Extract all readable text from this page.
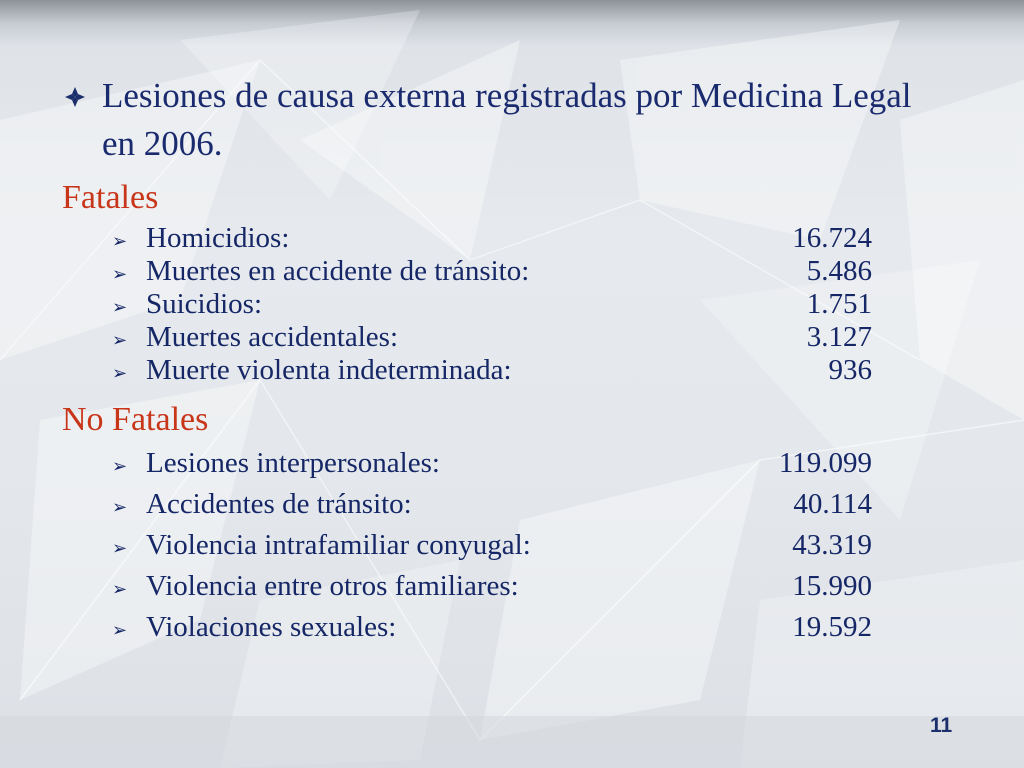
Lesiones de causa externa registradas por Medicina Legal en 2006.
Fatales
➢ Homicidios:	16.724
➢ Muertes en accidente de tránsito:	5.486
➢ Suicidios:	1.751
➢ Muertes accidentales:	3.127
➢ Muerte violenta indeterminada:	936
No Fatales
➢ Lesiones interpersonales:	119.099
➢ Accidentes de tránsito:	40.114
➢ Violencia intrafamiliar conyugal:	43.319
➢ Violencia entre otros familiares:	15.990
➢ Violaciones sexuales:	19.592
11
